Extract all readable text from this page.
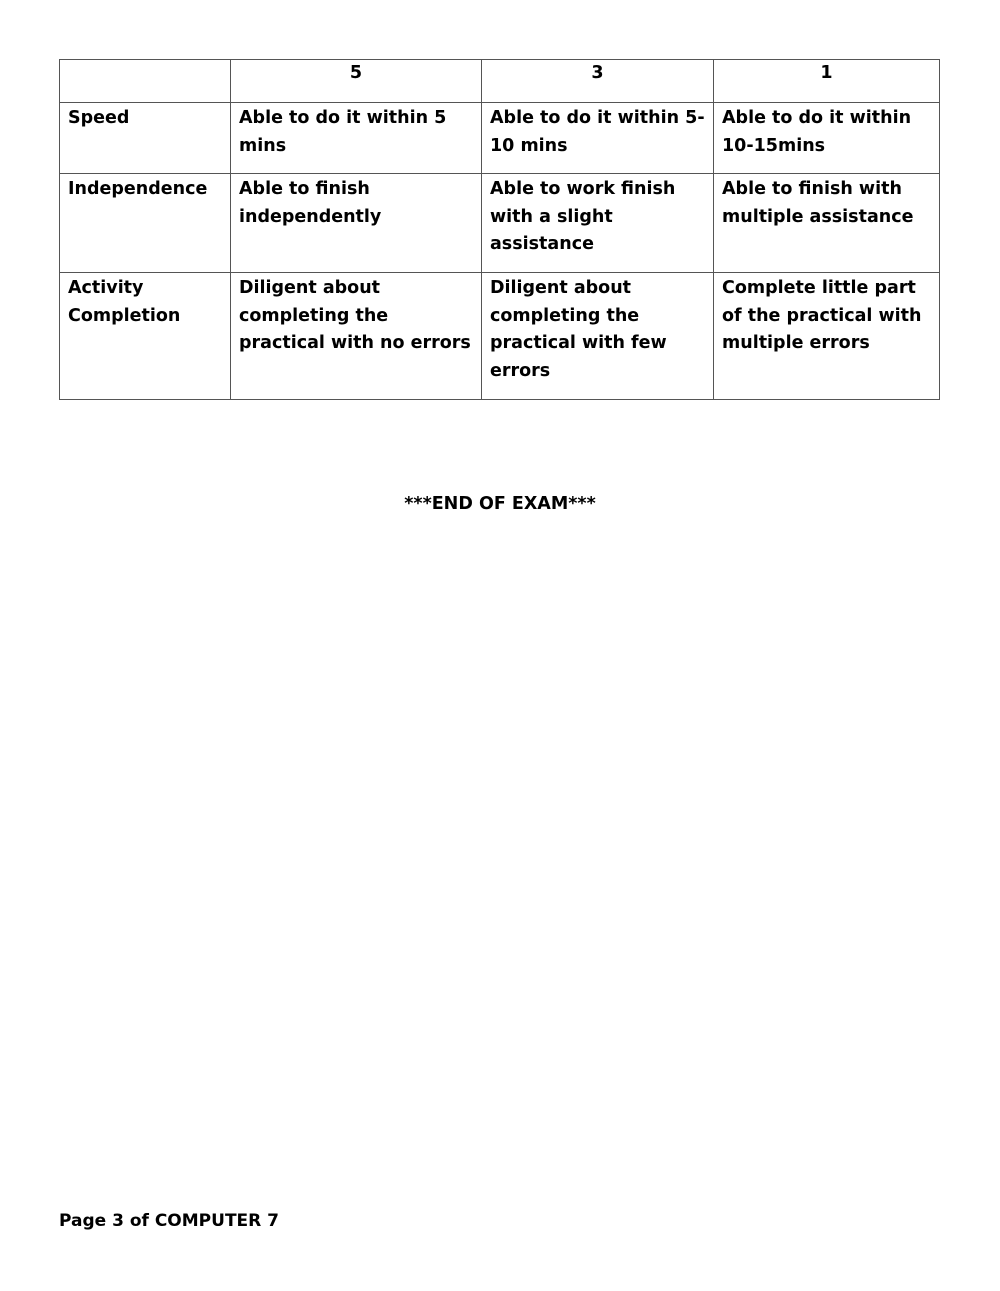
	5	3	1
Speed	Able to do it within 5 mins	Able to do it within 5-10 mins	Able to do it within 10-15mins
Independence	Able to finish independently	Able to work finish with a slight assistance	Able to finish with multiple assistance
Activity Completion	Diligent about completing the practical with no errors	Diligent about completing the practical with few errors	Complete little part of the practical with multiple errors
***END OF EXAM***
Page 3 of COMPUTER 7
